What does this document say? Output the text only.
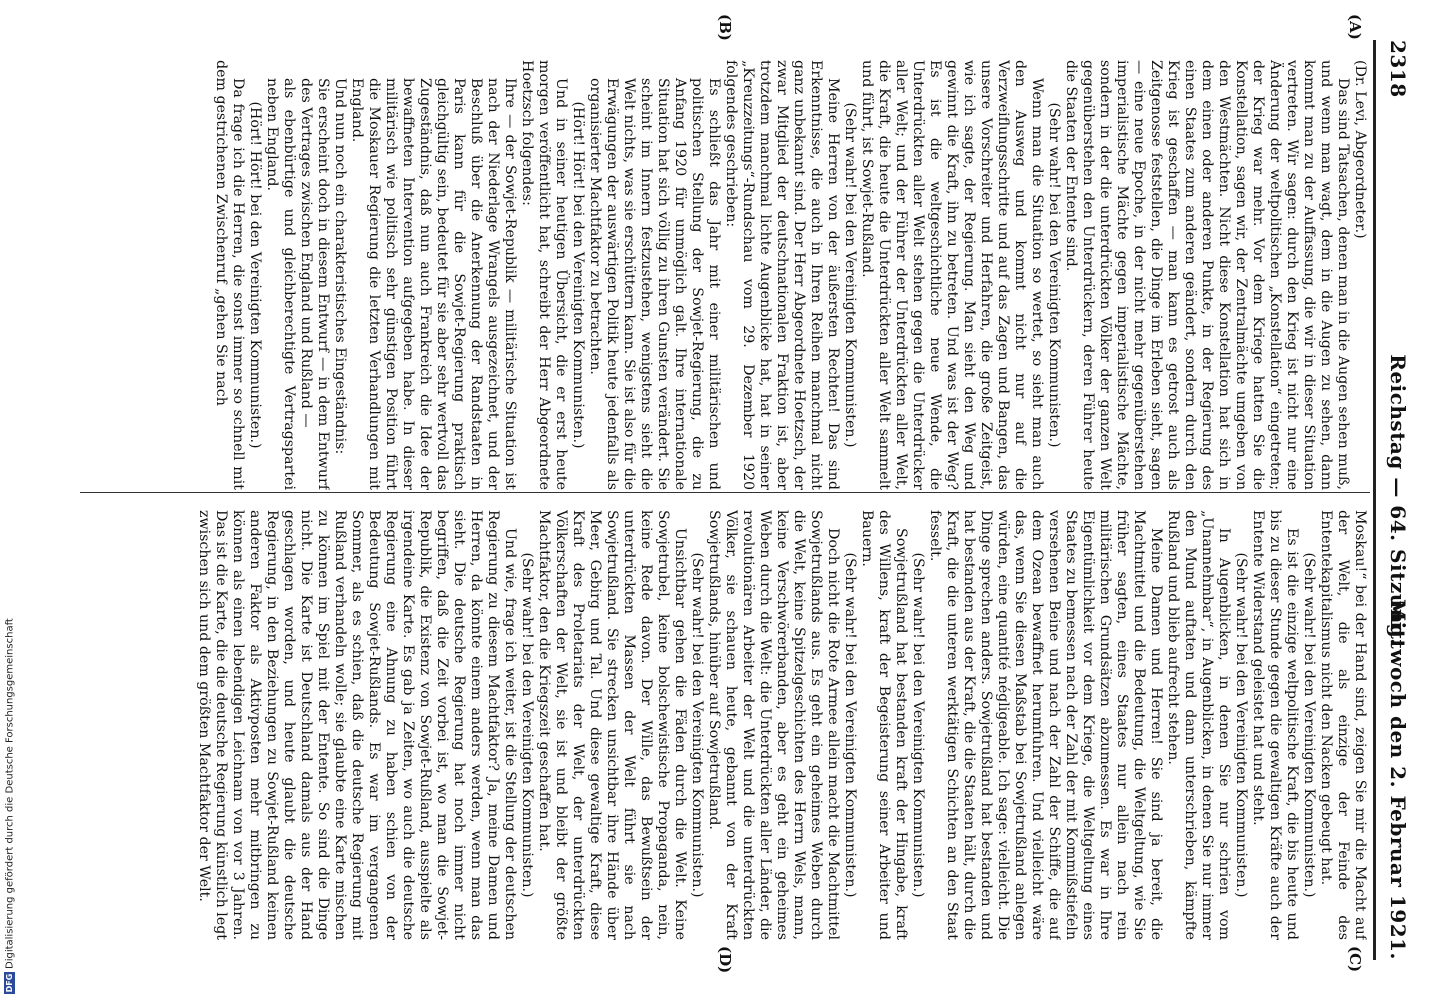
2318
Reichstag — 64. Sitzung.
Mittwoch den 2. Februar 1921.
(A)
(B)
(C)
(D)

(Dr. Levi, Abgeordneter.)

Das sind Tatsachen, denen man in die Augen sehen muß, und wenn man wagt, dem in die Augen zu sehen, dann kommt man zu der Auffassung, die wir in dieser Situation vertreten. Wir sagen: durch den Krieg ist nicht nur eine Änderung der weltpolitischen „Konstellation“ eingetreten; der Krieg war mehr. Vor dem Kriege hatten Sie die Konstellation, sagen wir, der Zentralmächte umgeben von den Westmächten. Nicht diese Konstellation hat sich in dem einen oder anderen Punkte, in der Regierung des einen Staates zum anderen geändert, sondern durch den Krieg ist geschaffen — man kann es getrost auch als Zeitgenosse feststellen, die Dinge im Erleben sieht, sagen — eine neue Epoche, in der nicht mehr gegenüberstehen imperialistische Mächte gegen imperialistische Mächte, sondern in der die unterdrückten Völker der ganzen Welt gegenüberstehen den Unterdrückern, deren Führer heute die Staaten der Entente sind.

(Sehr wahr! bei den Vereinigten Kommunisten.)

Wenn man die Situation so wertet, so sieht man auch den Ausweg und kommt nicht nur auf die Verzweiflungsschritte und auf das Zagen und Bangen, das unsere Vorschreiter und Herfahren, die große Zeitgeist, wie ich sagte, der Regierung. Man sieht den Weg und gewinnt die Kraft, ihn zu betreten. Und was ist der Weg? Es ist die weltgeschichtliche neue Wende, die Unterdrückten aller Welt stehen gegen die Unterdrücker aller Welt; und der Führer der Unterdrückten aller Welt, die Kraft, die heute die Unterdrückten aller Welt sammelt und führt, ist Sowjet-Rußland.

(Sehr wahr! bei den Vereinigten Kommunisten.)

Meine Herren von der äußersten Rechten! Das sind Erkenntnisse, die auch in Ihren Reihen manchmal nicht ganz unbekannt sind. Der Herr Abgeordnete Hoetzsch, der zwar Mitglied der deutschnationalen Fraktion ist, aber trotzdem manchmal lichte Augenblicke hat, hat in seiner „Kreuzzeitungs“-Rundschau vom 29. Dezember 1920 folgendes geschrieben:

Es schließt das Jahr mit einer militärischen und politischen Stellung der Sowjet-Regierung, die zu Anfang 1920 für unmöglich galt. Ihre internationale Situation hat sich völlig zu ihren Gunsten verändert. Sie scheint im Innern festzustehen, wenigstens sieht die Welt nichts, was sie erschüttern kann. Sie ist also für die Erwägungen der auswärtigen Politik heute jedenfalls als organisierter Machtfaktor zu betrachten.

(Hört! Hört! bei den Vereinigten Kommunisten.)

Und in seiner heutigen Übersicht, die er erst heute morgen veröffentlicht hat, schreibt der Herr Abgeordnete Hoetzsch folgendes:

Ihre — der Sowjet-Republik — militärische Situation ist nach der Niederlage Wrangels ausgezeichnet, und der Beschluß über die Anerkennung der Randstaaten in Paris kann für die Sowjet-Regierung praktisch gleichgültig sein, bedeutet für sie aber sehr wertvoll das Zugeständnis, daß nun auch Frankreich die Idee der bewaffneten Intervention aufgegeben habe. In dieser militärisch wie politisch sehr günstigen Position führt die Moskauer Regierung die letzten Verhandlungen mit England.

Und nun noch ein charakteristisches Eingeständnis:

Sie erscheint doch in diesem Entwurf — in dem Entwurf des Vertrages zwischen England und Rußland —

als ebenbürtige und gleichberechtigte Vertragspartei neben England.

(Hört! Hört! bei den Vereinigten Kommunisten.)

Da frage ich die Herren, die sonst immer so schnell mit dem gestrichenen Zwischenruf „gehen Sie nach

Moskau!“ bei der Hand sind, zeigen Sie mir die Macht auf der Welt, die als einzige der Feinde des Ententekapitalismus nicht den Nacken gebeugt hat.

(Sehr wahr! bei den Vereinigten Kommunisten.)

Es ist die einzige weltpolitische Kraft, die bis heute und bis zu dieser Stunde gegen die gewaltigen Kräfte auch der Entente Widerstand geleistet hat und steht.

(Sehr wahr! bei den Vereinigten Kommunisten.)

In Augenblicken, in denen Sie nur schrien vom „Unannehmbar“, in Augenblicken, in denen Sie nur immer den Mund auftaten und dann unterschrieben, kämpfte Rußland und blieb aufrecht stehen.

Meine Damen und Herren! Sie sind ja bereit, die Machtmittel und die Bedeutung, die Weltgeltung, wie Sie früher sagten, eines Staates nur allein nach rein militärischen Grundsätzen abzumessen. Es war in Ihre Eigentümlichkeit vor dem Kriege, die Weltgeltung eines Staates zu bemessen nach der Zahl der mit Kommißstiefeln versehenen Beine und nach der Zahl der Schiffe, die auf dem Ozean bewaffnet herumfuhren. Und vielleicht wäre das, wenn Sie diesen Maßstab bei Sowjetrußland anlegen würden, eine quantité négligeable. Ich sage: vielleicht. Die Dinge sprechen anders. Sowjetrußland hat bestanden und hat bestanden aus der Kraft, die die Staaten hält, durch die Kraft, die die unteren werktätigen Schichten an den Staat fesselt.

(Sehr wahr! bei den Vereinigten Kommunisten.)

Sowjetrußland hat bestanden kraft der Hingabe, kraft des Willens, kraft der Begeisterung seiner Arbeiter und Bauern.

(Sehr wahr! bei den Vereinigten Kommunisten.)

Doch nicht die Rote Armee allein macht die Machtmittel Sowjetrußlands aus. Es geht ein geheimes Weben durch die Welt, keine Spitzelgeschichten des Herrn Wels, mann, keine Verschwörerbanden, aber es geht ein geheimes Weben durch die Welt: die Unterdrückten aller Länder, die revolutionären Arbeiter der Welt und die unterdrückten Völker, sie schauen heute, gebannt von der Kraft Sowjetrußlands, hinüber auf Sowjetrußland.

(Sehr wahr! bei den Vereinigten Kommunisten.)

Unsichtbar gehen die Fäden durch die Welt. Keine Sowjetrubel, keine bolschewistische Propaganda, nein, keine Rede davon. Der Wille, das Bewußtsein der unterdrückten Massen der Welt führt sie nach Sowjetrußland. Sie strecken unsichtbar ihre Hände über Meer, Gebirg und Tal. Und diese gewaltige Kraft, diese Kraft des Proletariats der Welt, der unterdrückten Völkerschaften der Welt, sie ist und bleibt der größte Machtfaktor, den die Kriegszeit geschaffen hat.

(Sehr wahr! bei den Vereinigten Kommunisten.)

Und wie, frage ich weiter, ist die Stellung der deutschen Regierung zu diesem Machtfaktor? Ja, meine Damen und Herren, da könnte einem anders werden, wenn man das sieht. Die deutsche Regierung hat noch immer nicht begriffen, daß die Zeit vorbei ist, wo man die Sowjet-Republik, die Existenz von Sowjet-Rußland, ausspielte als irgendeine Karte. Es gab ja Zeiten, wo auch die deutsche Regierung eine Ahnung zu haben schien von der Bedeutung Sowjet-Rußlands. Es war im vergangenen Sommer, als es schien, daß die deutsche Regierung mit Rußland verhandeln wolle; sie glaubte eine Karte mischen zu können im Spiel mit der Entente. So sind die Dinge nicht. Die Karte ist Deutschland damals aus der Hand geschlagen worden, und heute glaubt die deutsche Regierung, in den Beziehungen zu Sowjet-Rußland keinen anderen Faktor als Aktivposten mehr mitbringen zu können als einen lebendigen Leichnam von vor 3 Jahren. Das ist die Karte, die die deutsche Regierung künstlich legt zwischen sich und dem größten Machtfaktor der Welt.

DFGDigitalisierung gefördert durch die Deutsche Forschungsgemeinschaft
